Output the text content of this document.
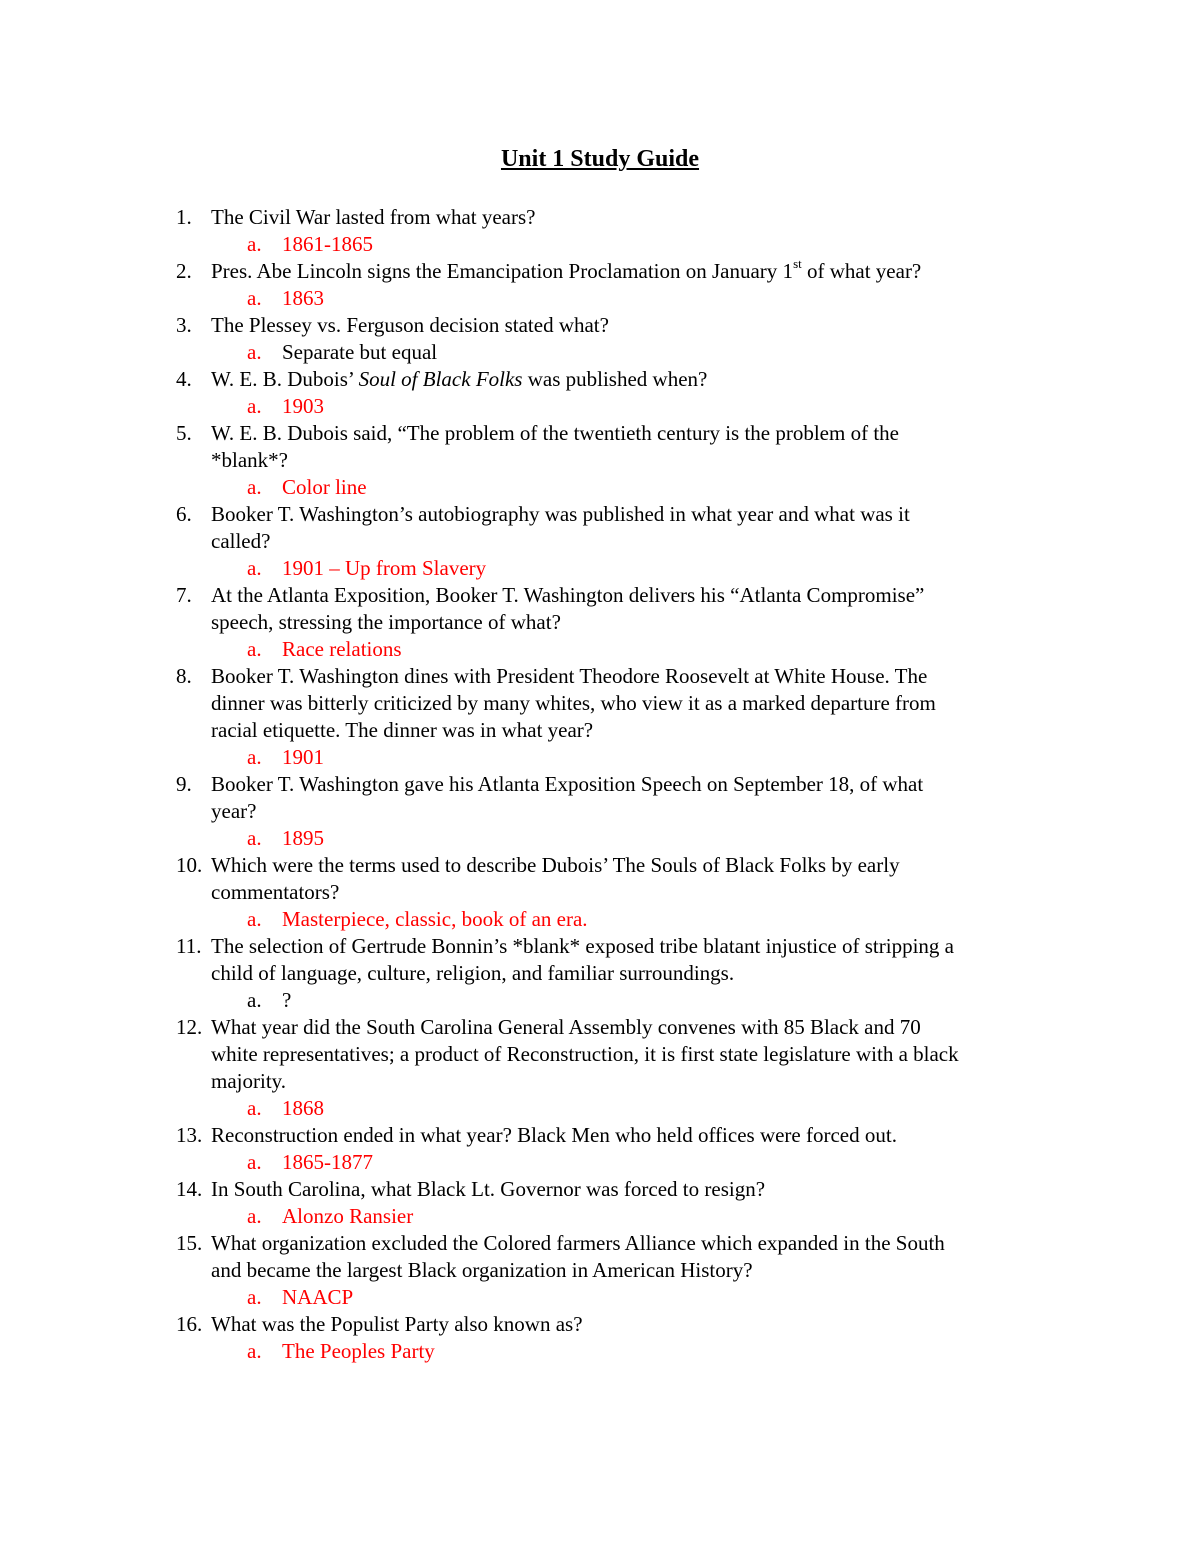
Unit 1 Study Guide
1. The Civil War lasted from what years?
a. 1861-1865
2. Pres. Abe Lincoln signs the Emancipation Proclamation on January 1st of what year?
a. 1863
3. The Plessey vs. Ferguson decision stated what?
a. Separate but equal
4. W. E. B. Dubois’ Soul of Black Folks was published when?
a. 1903
5. W. E. B. Dubois said, “The problem of the twentieth century is the problem of the
*blank*?
a. Color line
6. Booker T. Washington’s autobiography was published in what year and what was it
called?
a. 1901 – Up from Slavery
7. At the Atlanta Exposition, Booker T. Washington delivers his “Atlanta Compromise”
speech, stressing the importance of what?
a. Race relations
8. Booker T. Washington dines with President Theodore Roosevelt at White House. The
dinner was bitterly criticized by many whites, who view it as a marked departure from
racial etiquette. The dinner was in what year?
a. 1901
9. Booker T. Washington gave his Atlanta Exposition Speech on September 18, of what
year?
a. 1895
10. Which were the terms used to describe Dubois’ The Souls of Black Folks by early
commentators?
a. Masterpiece, classic, book of an era.
11. The selection of Gertrude Bonnin’s *blank* exposed tribe blatant injustice of stripping a
child of language, culture, religion, and familiar surroundings.
a. ?
12. What year did the South Carolina General Assembly convenes with 85 Black and 70
white representatives; a product of Reconstruction, it is first state legislature with a black
majority.
a. 1868
13. Reconstruction ended in what year? Black Men who held offices were forced out.
a. 1865-1877
14. In South Carolina, what Black Lt. Governor was forced to resign?
a. Alonzo Ransier
15. What organization excluded the Colored farmers Alliance which expanded in the South
and became the largest Black organization in American History?
a. NAACP
16. What was the Populist Party also known as?
a. The Peoples Party
